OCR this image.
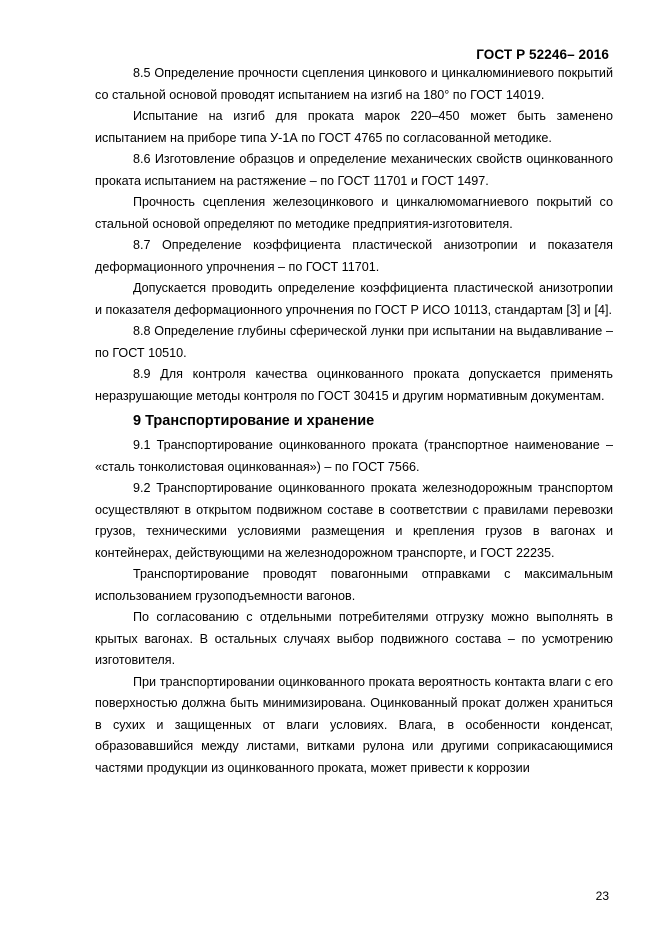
ГОСТ Р 52246– 2016

8.5 Определение прочности сцепления цинкового и цинкалюминиевого покрытий со стальной основой проводят испытанием на изгиб на 180° по ГОСТ 14019.

Испытание на изгиб для проката марок 220–450 может быть заменено испытанием на приборе типа У-1А по ГОСТ 4765 по согласованной методике.

8.6 Изготовление образцов и определение механических свойств оцинкованного проката испытанием на растяжение – по ГОСТ 11701 и ГОСТ 1497.

Прочность сцепления железоцинкового и цинкалюмомагниевого покрытий со стальной основой определяют по методике предприятия-изготовителя.

8.7 Определение коэффициента пластической анизотропии и показателя деформационного упрочнения – по ГОСТ 11701.

Допускается проводить определение коэффициента пластической анизотропии и показателя деформационного упрочнения по ГОСТ Р ИСО 10113, стандартам [3] и [4].

8.8 Определение глубины сферической лунки при испытании на выдавливание – по ГОСТ 10510.

8.9 Для контроля качества оцинкованного проката допускается применять неразрушающие методы контроля по ГОСТ 30415 и другим нормативным документам.

9 Транспортирование и хранение

9.1 Транспортирование оцинкованного проката (транспортное наименование – «сталь тонколистовая оцинкованная») – по ГОСТ 7566.

9.2 Транспортирование оцинкованного проката железнодорожным транспортом осуществляют в открытом подвижном составе в соответствии с правилами перевозки грузов, техническими условиями размещения и крепления грузов в вагонах и контейнерах, действующими на железнодорожном транспорте, и ГОСТ 22235.

Транспортирование проводят повагонными отправками с максимальным использованием грузоподъемности вагонов.

По согласованию с отдельными потребителями отгрузку можно выполнять в крытых вагонах. В остальных случаях выбор подвижного состава – по усмотрению изготовителя.

При транспортировании оцинкованного проката вероятность контакта влаги с его поверхностью должна быть минимизирована. Оцинкованный прокат должен храниться в сухих и защищенных от влаги условиях. Влага, в особенности конденсат, образовавшийся между листами, витками рулона или другими соприкасающимися частями продукции из оцинкованного проката, может привести к коррозии

23
